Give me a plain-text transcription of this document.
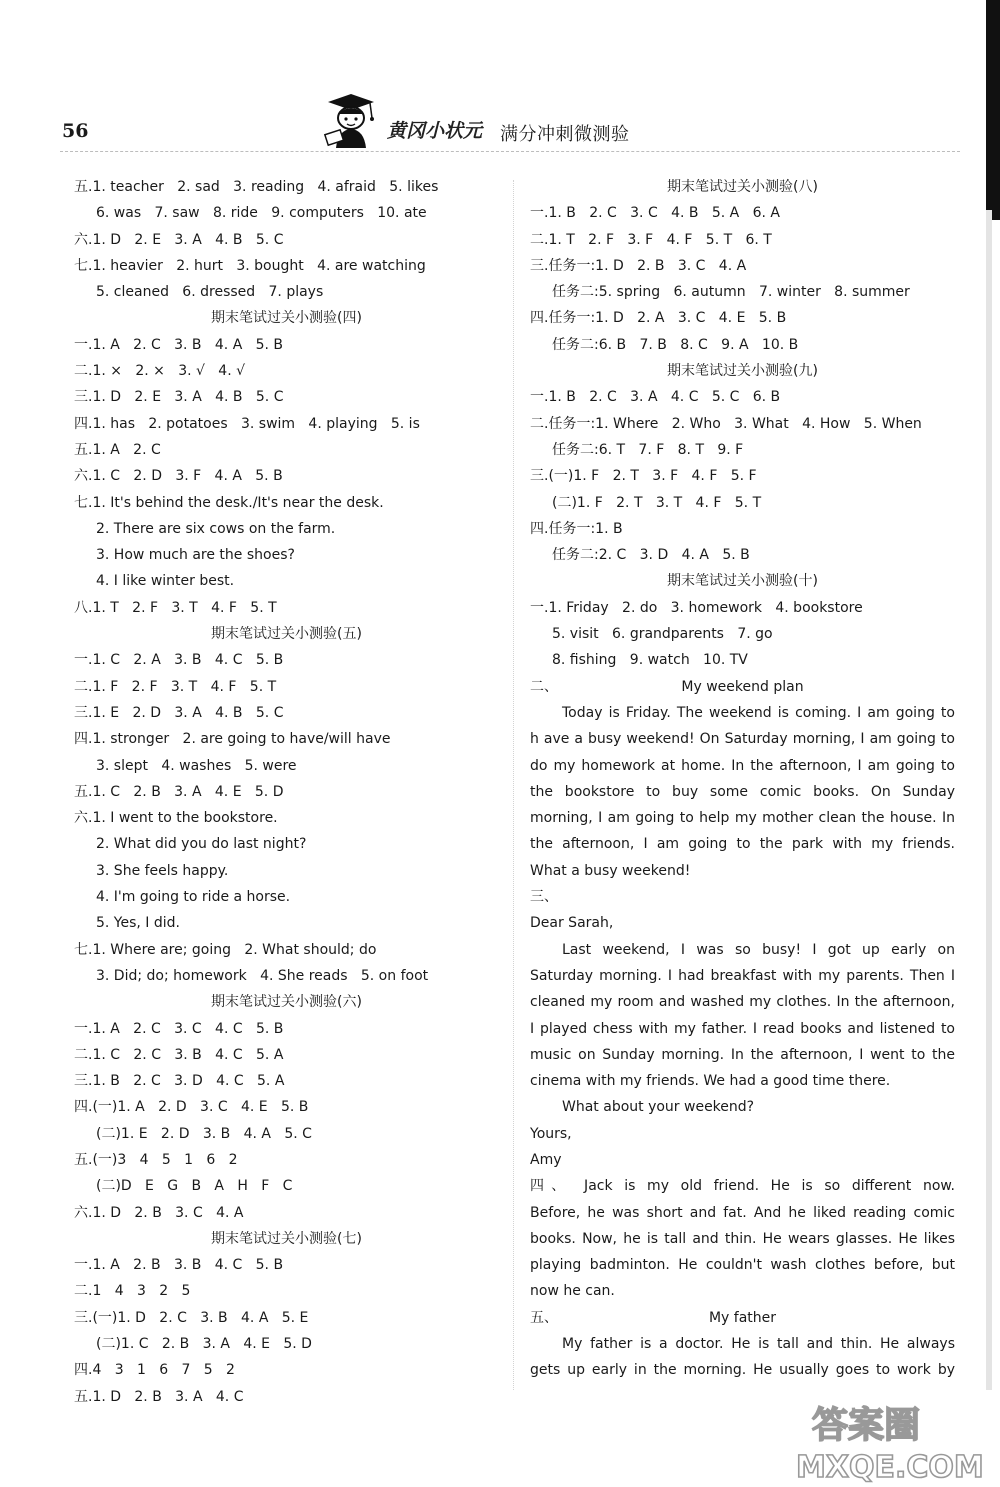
56	黄冈小状元 满分冲刺微测验
五.1. teacher   2. sad   3. reading   4. afraid   5. likes
6. was   7. saw   8. ride   9. computers   10. ate
六.1. D   2. E   3. A   4. B   5. C
七.1. heavier   2. hurt   3. bought   4. are watching
5. cleaned   6. dressed   7. plays
期末笔试过关小测验(四)
一.1. A   2. C   3. B   4. A   5. B
二.1. ×   2. ×   3. √   4. √
三.1. D   2. E   3. A   4. B   5. C
四.1. has   2. potatoes   3. swim   4. playing   5. is
五.1. A   2. C
六.1. C   2. D   3. F   4. A   5. B
七.1. It's behind the desk./It's near the desk.
2. There are six cows on the farm.
3. How much are the shoes?
4. I like winter best.
八.1. T   2. F   3. T   4. F   5. T
期末笔试过关小测验(五)
一.1. C   2. A   3. B   4. C   5. B
二.1. F   2. F   3. T   4. F   5. T
三.1. E   2. D   3. A   4. B   5. C
四.1. stronger   2. are going to have/will have
3. slept   4. washes   5. were
五.1. C   2. B   3. A   4. E   5. D
六.1. I went to the bookstore.
2. What did you do last night?
3. She feels happy.
4. I'm going to ride a horse.
5. Yes, I did.
七.1. Where are; going   2. What should; do
3. Did; do; homework   4. She reads   5. on foot
期末笔试过关小测验(六)
一.1. A   2. C   3. C   4. C   5. B
二.1. C   2. C   3. B   4. C   5. A
三.1. B   2. C   3. D   4. C   5. A
四.(一)1. A   2. D   3. C   4. E   5. B
(二)1. E   2. D   3. B   4. A   5. C
五.(一)3   4   5   1   6   2
(二)D   E   G   B   A   H   F   C
六.1. D   2. B   3. C   4. A
期末笔试过关小测验(七)
一.1. A   2. B   3. B   4. C   5. B
二.1   4   3   2   5
三.(一)1. D   2. C   3. B   4. A   5. E
(二)1. C   2. B   3. A   4. E   5. D
四.4   3   1   6   7   5   2
五.1. D   2. B   3. A   4. C
期末笔试过关小测验(八)
一.1. B   2. C   3. C   4. B   5. A   6. A
二.1. T   2. F   3. F   4. F   5. T   6. T
三.任务一:1. D   2. B   3. C   4. A
任务二:5. spring   6. autumn   7. winter   8. summer
四.任务一:1. D   2. A   3. C   4. E   5. B
任务二:6. B   7. B   8. C   9. A   10. B
期末笔试过关小测验(九)
一.1. B   2. C   3. A   4. C   5. C   6. B
二.任务一:1. Where   2. Who   3. What   4. How   5. When
任务二:6. T   7. F   8. T   9. F
三.(一)1. F   2. T   3. F   4. F   5. F
(二)1. F   2. T   3. T   4. F   5. T
四.任务一:1. B
任务二:2. C   3. D   4. A   5. B
期末笔试过关小测验(十)
一.1. Friday   2. do   3. homework   4. bookstore
5. visit   6. grandparents   7. go
8. fishing   9. watch   10. TV
二、	My weekend plan
Today is Friday. The weekend is coming. I am going to
h ave a busy weekend! On Saturday morning, I am going to
do my homework at home. In the afternoon, I am going to
the bookstore to buy some comic books. On Sunday
morning, I am going to help my mother clean the house. In
the afternoon, I am going to the park with my friends.
What a busy weekend!
三、
Dear Sarah,
Last weekend, I was so busy! I got up early on
Saturday morning. I had breakfast with my parents. Then I
cleaned my room and washed my clothes. In the afternoon,
I played chess with my father. I read books and listened to
music on Sunday morning. In the afternoon, I went to the
cinema with my friends. We had a good time there.
What about your weekend?
Yours,
Amy
四、 Jack is my old friend. He is so different now.
Before, he was short and fat. And he liked reading comic
books. Now, he is tall and thin. He wears glasses. He likes
playing badminton. He couldn't wash clothes before, but
now he can.
五、	My father
My father is a doctor. He is tall and thin. He always
gets up early in the morning. He usually goes to work by
答案圈
MXQE.COM
